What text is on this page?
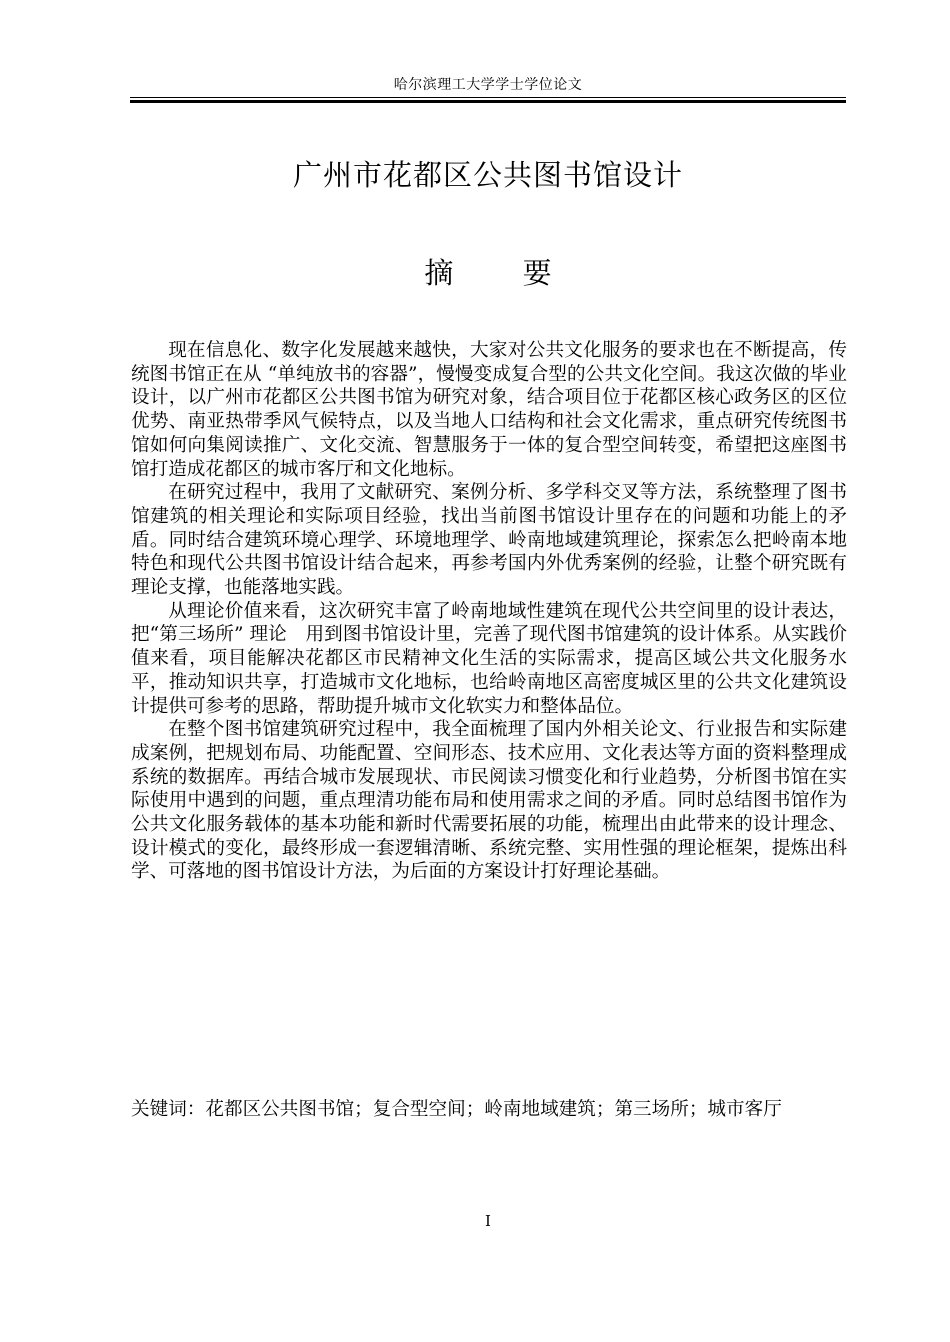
哈尔滨理工大学学士学位论文
广州市花都区公共图书馆设计
摘 要

现在信息化、数字化发展越来越快，大家对公共文化服务的要求也在不断提高，传统图书馆正在从 “单纯放书的容器”，慢慢变成复合型的公共文化空间。我这次做的毕业设计，以广州市花都区公共图书馆为研究对象，结合项目位于花都区核心政务区的区位优势、南亚热带季风气候特点，以及当地人口结构和社会文化需求，重点研究传统图书馆如何向集阅读推广、文化交流、智慧服务于一体的复合型空间转变，希望把这座图书馆打造成花都区的城市客厅和文化地标。

在研究过程中，我用了文献研究、案例分析、多学科交叉等方法，系统整理了图书馆建筑的相关理论和实际项目经验，找出当前图书馆设计里存在的问题和功能上的矛盾。同时结合建筑环境心理学、环境地理学、岭南地域建筑理论，探索怎么把岭南本地特色和现代公共图书馆设计结合起来，再参考国内外优秀案例的经验，让整个研究既有理论支撑，也能落地实践。

从理论价值来看，这次研究丰富了岭南地域性建筑在现代公共空间里的设计表达，把“第三场所” 理论　用到图书馆设计里，完善了现代图书馆建筑的设计体系。从实践价值来看，项目能解决花都区市民精神文化生活的实际需求，提高区域公共文化服务水平，推动知识共享，打造城市文化地标，也给岭南地区高密度城区里的公共文化建筑设计提供可参考的思路，帮助提升城市文化软实力和整体品位。

在整个图书馆建筑研究过程中，我全面梳理了国内外相关论文、行业报告和实际建成案例，把规划布局、功能配置、空间形态、技术应用、文化表达等方面的资料整理成系统的数据库。再结合城市发展现状、市民阅读习惯变化和行业趋势，分析图书馆在实际使用中遇到的问题，重点理清功能布局和使用需求之间的矛盾。同时总结图书馆作为公共文化服务载体的基本功能和新时代需要拓展的功能，梳理出由此带来的设计理念、设计模式的变化，最终形成一套逻辑清晰、系统完整、实用性强的理论框架，提炼出科学、可落地的图书馆设计方法，为后面的方案设计打好理论基础。

关键词：花都区公共图书馆；复合型空间；岭南地域建筑；第三场所；城市客厅
I
